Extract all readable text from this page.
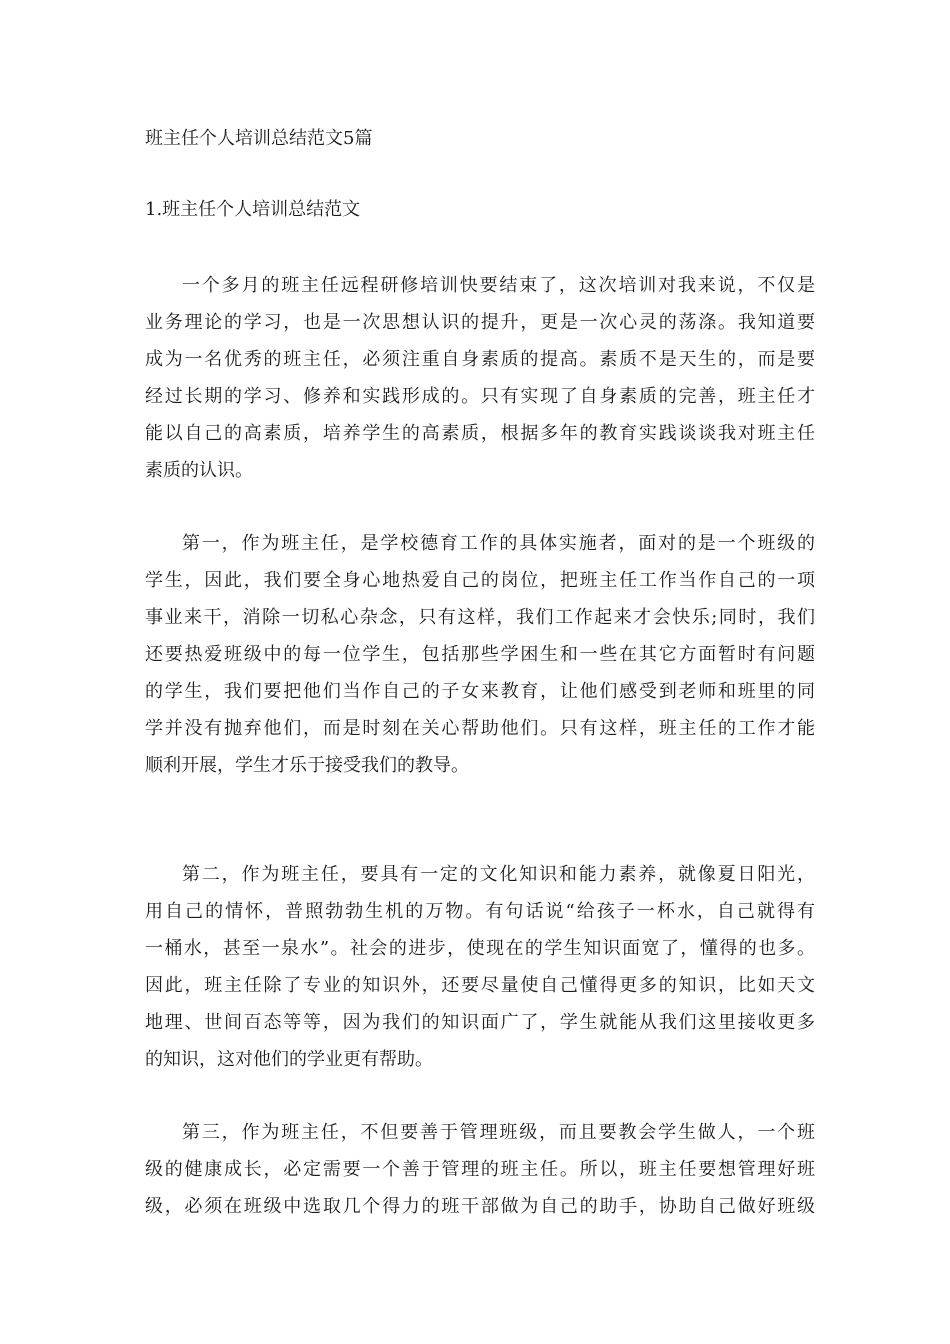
班主任个人培训总结范文5篇
1.班主任个人培训总结范文

一个多月的班主任远程研修培训快要结束了，这次培训对我来说，不仅是
业务理论的学习，也是一次思想认识的提升，更是一次心灵的荡涤。我知道要
成为一名优秀的班主任，必须注重自身素质的提高。素质不是天生的，而是要
经过长期的学习、修养和实践形成的。只有实现了自身素质的完善，班主任才
能以自己的高素质，培养学生的高素质，根据多年的教育实践谈谈我对班主任
素质的认识。

第一，作为班主任，是学校德育工作的具体实施者，面对的是一个班级的
学生，因此，我们要全身心地热爱自己的岗位，把班主任工作当作自己的一项
事业来干，消除一切私心杂念，只有这样，我们工作起来才会快乐;同时，我们
还要热爱班级中的每一位学生，包括那些学困生和一些在其它方面暂时有问题
的学生，我们要把他们当作自己的子女来教育，让他们感受到老师和班里的同
学并没有抛弃他们，而是时刻在关心帮助他们。只有这样，班主任的工作才能
顺利开展，学生才乐于接受我们的教导。

第二，作为班主任，要具有一定的文化知识和能力素养，就像夏日阳光，
用自己的情怀，普照勃勃生机的万物。有句话说“给孩子一杯水，自己就得有
一桶水，甚至一泉水”。社会的进步，使现在的学生知识面宽了，懂得的也多。
因此，班主任除了专业的知识外，还要尽量使自己懂得更多的知识，比如天文
地理、世间百态等等，因为我们的知识面广了，学生就能从我们这里接收更多
的知识，这对他们的学业更有帮助。

第三，作为班主任，不但要善于管理班级，而且要教会学生做人，一个班
级的健康成长，必定需要一个善于管理的班主任。所以，班主任要想管理好班
级，必须在班级中选取几个得力的班干部做为自己的助手，协助自己做好班级
